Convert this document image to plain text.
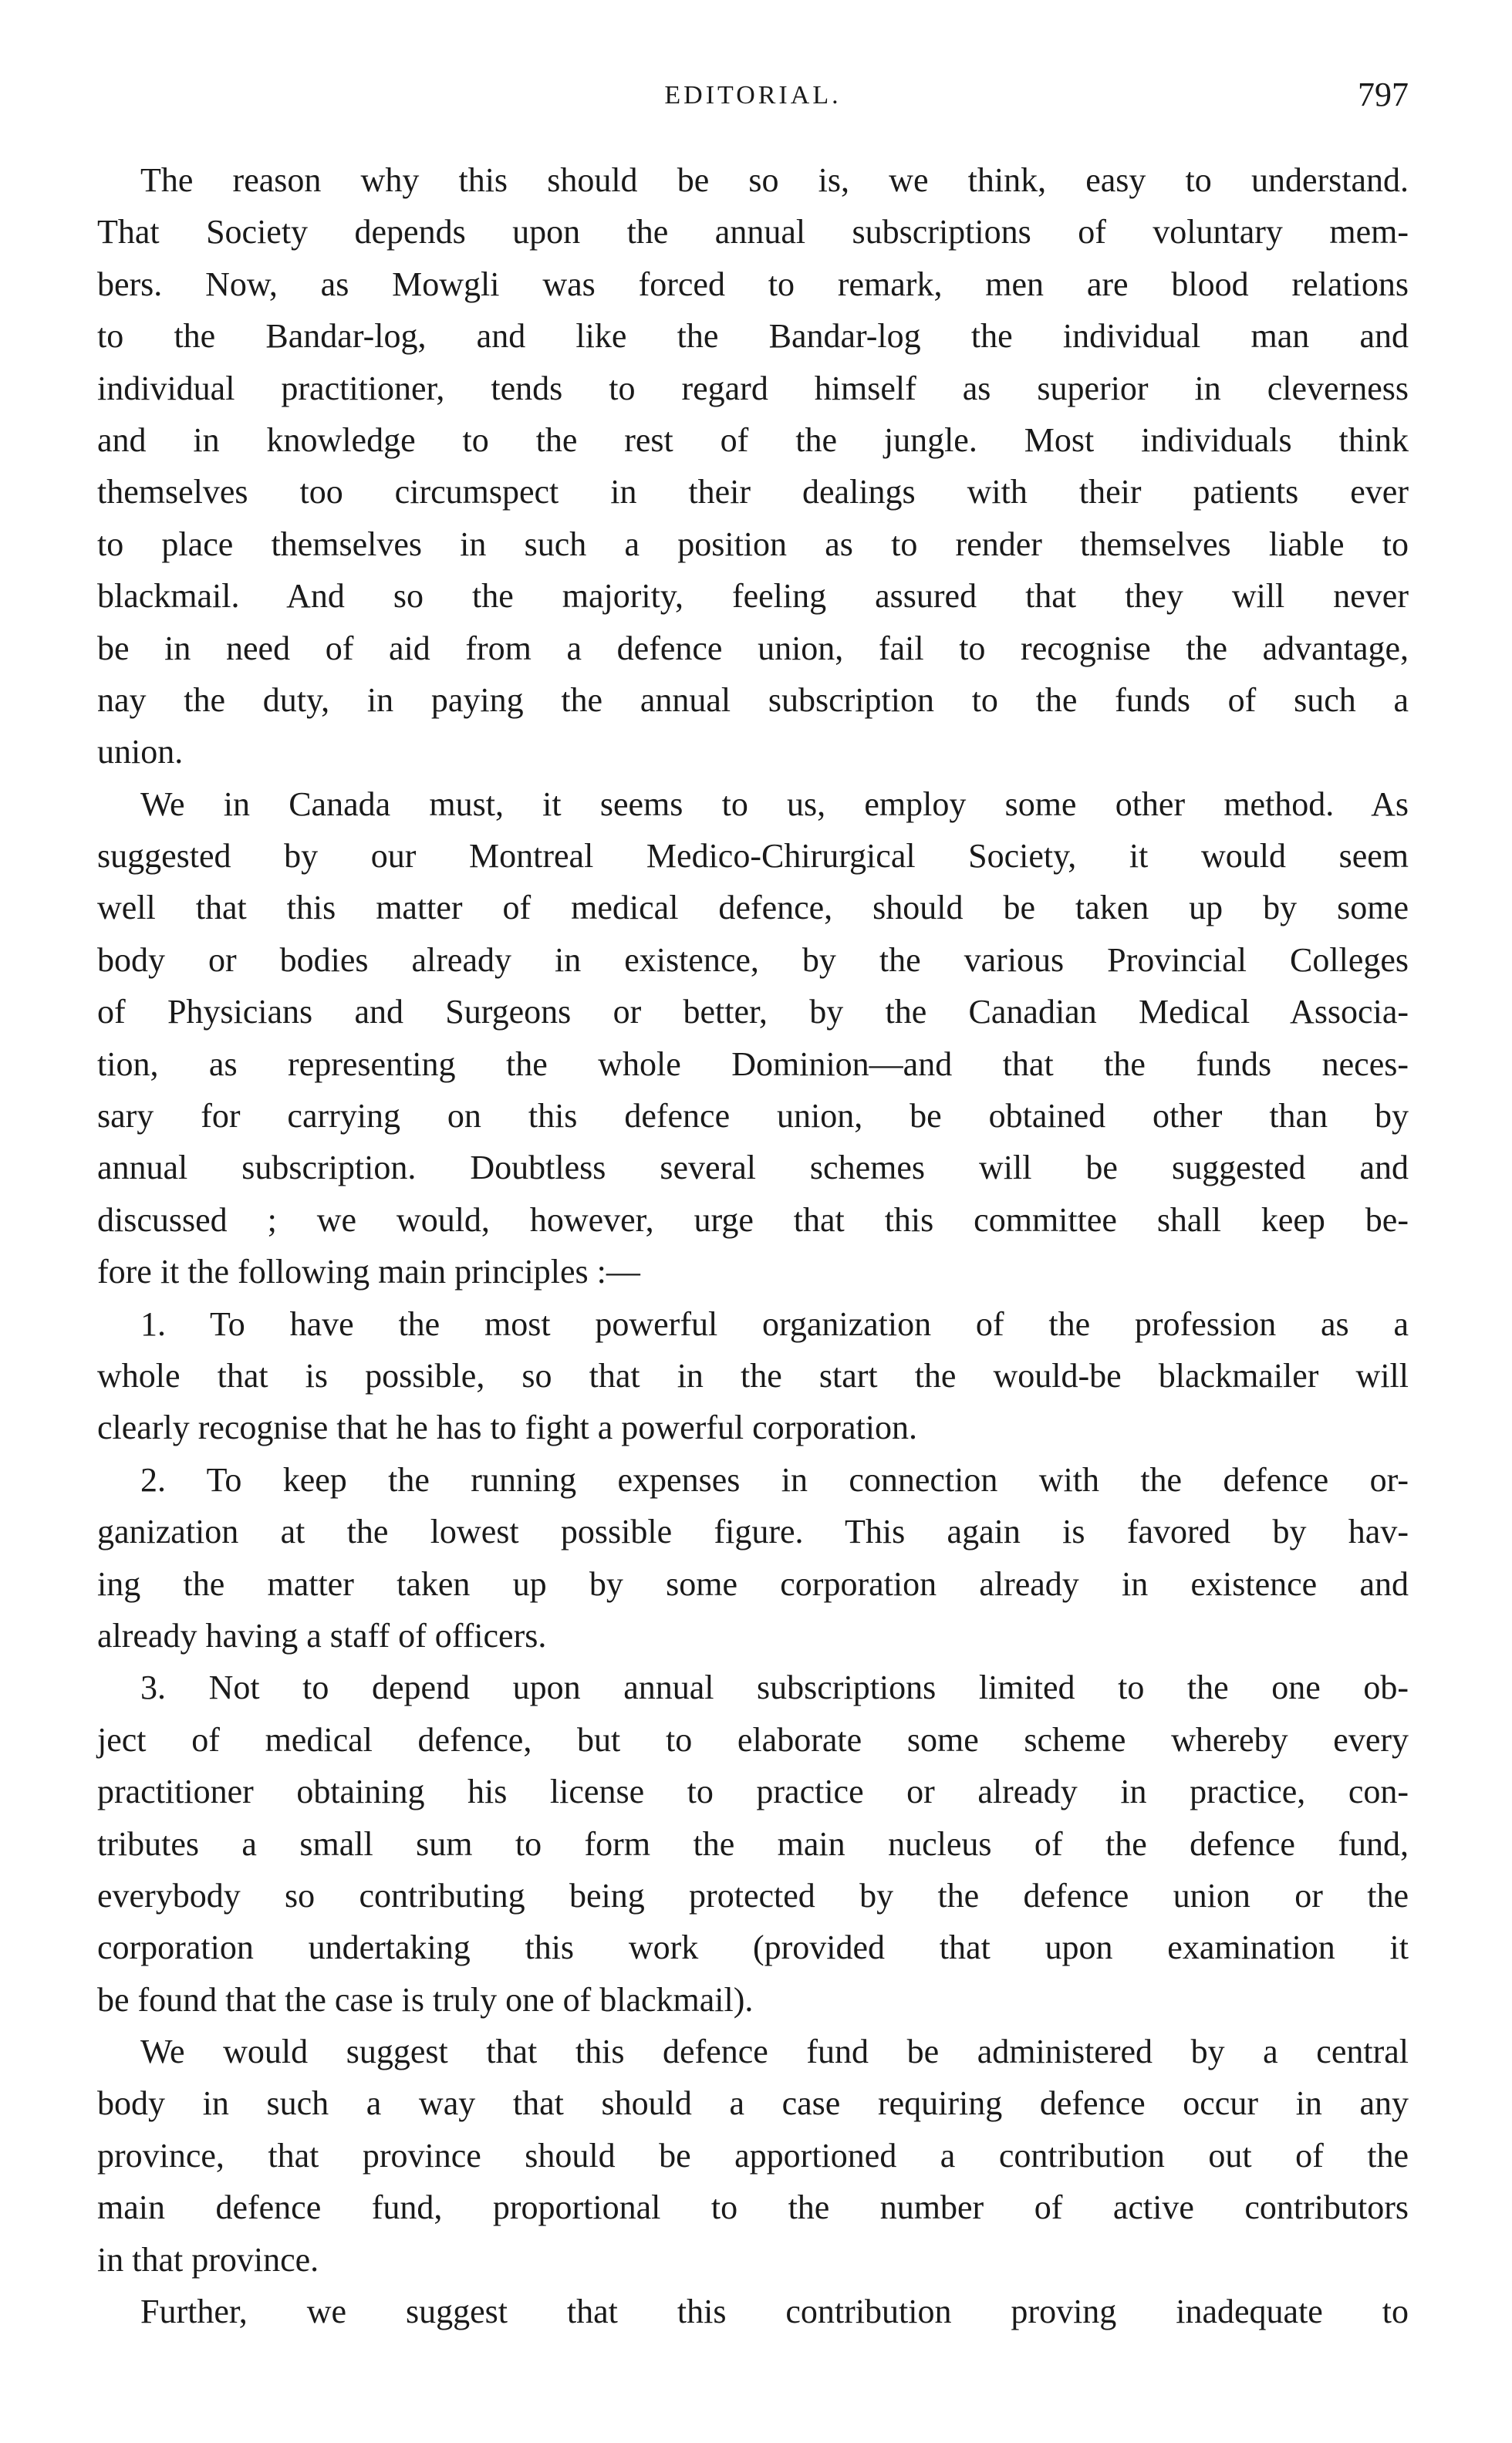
EDITORIAL.	797
The reason why this should be so is, we think, easy to understand.
That Society depends upon the annual subscriptions of voluntary mem-
bers. Now, as Mowgli was forced to remark, men are blood relations
to the Bandar-log, and like the Bandar-log the individual man and
individual practitioner, tends to regard himself as superior in cleverness
and in knowledge to the rest of the jungle. Most individuals think
themselves too circumspect in their dealings with their patients ever
to place themselves in such a position as to render themselves liable to
blackmail. And so the majority, feeling assured that they will never
be in need of aid from a defence union, fail to recognise the advantage,
nay the duty, in paying the annual subscription to the funds of such a
union.
We in Canada must, it seems to us, employ some other method. As
suggested by our Montreal Medico-Chirurgical Society, it would seem
well that this matter of medical defence, should be taken up by some
body or bodies already in existence, by the various Provincial Colleges
of Physicians and Surgeons or better, by the Canadian Medical Associa-
tion, as representing the whole Dominion—and that the funds neces-
sary for carrying on this defence union, be obtained other than by
annual subscription. Doubtless several schemes will be suggested and
discussed ; we would, however, urge that this committee shall keep be-
fore it the following main principles :—
1. To have the most powerful organization of the profession as a
whole that is possible, so that in the start the would-be blackmailer will
clearly recognise that he has to fight a powerful corporation.
2. To keep the running expenses in connection with the defence or-
ganization at the lowest possible figure. This again is favored by hav-
ing the matter taken up by some corporation already in existence and
already having a staff of officers.
3. Not to depend upon annual subscriptions limited to the one ob-
ject of medical defence, but to elaborate some scheme whereby every
practitioner obtaining his license to practice or already in practice, con-
tributes a small sum to form the main nucleus of the defence fund,
everybody so contributing being protected by the defence union or the
corporation undertaking this work (provided that upon examination it
be found that the case is truly one of blackmail).
We would suggest that this defence fund be administered by a central
body in such a way that should a case requiring defence occur in any
province, that province should be apportioned a contribution out of the
main defence fund, proportional to the number of active contributors
in that province.
Further, we suggest that this contribution proving inadequate to
